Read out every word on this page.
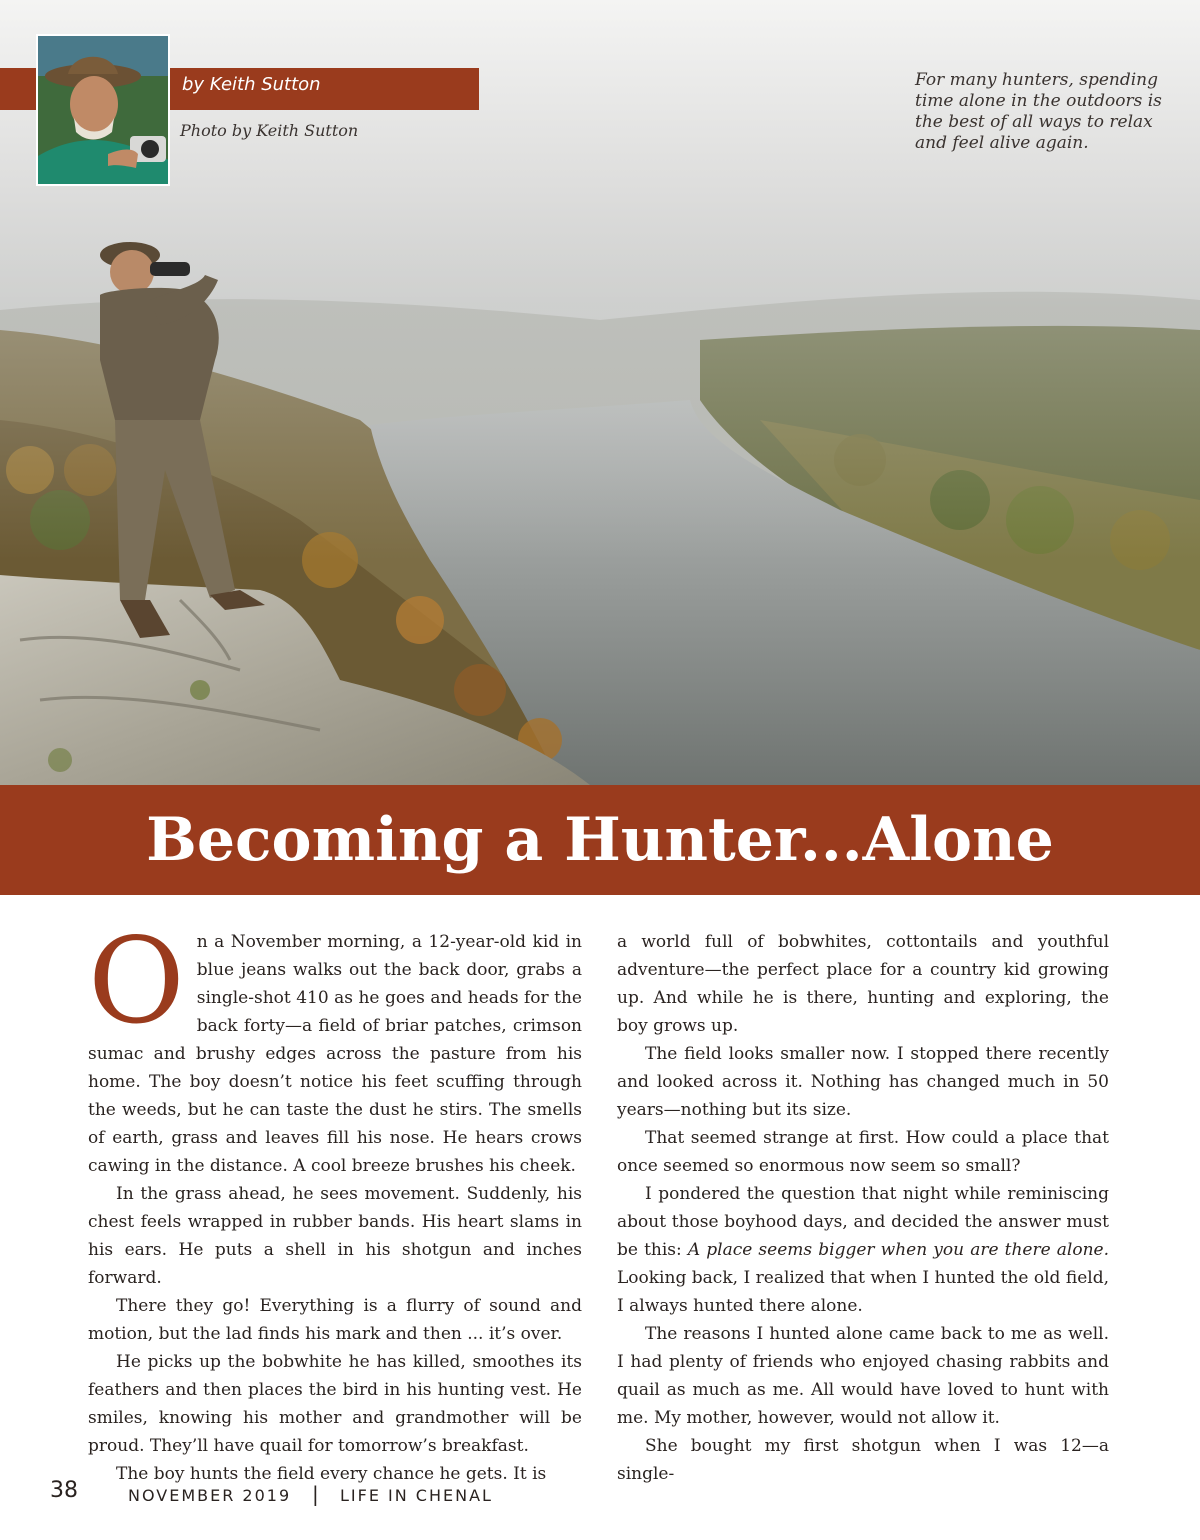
by Keith Sutton
Photo by Keith Sutton
For many hunters, spending time alone in the outdoors is the best of all ways to relax and feel alive again.
Becoming a Hunter...Alone

On a November morning, a 12-year-old kid in blue jeans walks out the back door, grabs a single-shot 410 as he goes and heads for the back forty—a field of briar patches, crimson sumac and brushy edges across the pasture from his home. The boy doesn’t notice his feet scuffing through the weeds, but he can taste the dust he stirs. The smells of earth, grass and leaves fill his nose. He hears crows cawing in the distance. A cool breeze brushes his cheek.

In the grass ahead, he sees movement. Suddenly, his chest feels wrapped in rubber bands. His heart slams in his ears. He puts a shell in his shotgun and inches forward.

There they go! Everything is a flurry of sound and motion, but the lad finds his mark and then ... it’s over.

He picks up the bobwhite he has killed, smoothes its feathers and then places the bird in his hunting vest. He smiles, knowing his mother and grandmother will be proud. They’ll have quail for tomorrow’s breakfast.

The boy hunts the field every chance he gets. It is

a world full of bobwhites, cottontails and youthful adventure—the perfect place for a country kid growing up. And while he is there, hunting and exploring, the boy grows up.

The field looks smaller now. I stopped there recently and looked across it. Nothing has changed much in 50 years—nothing but its size.

That seemed strange at first. How could a place that once seemed so enormous now seem so small?

I pondered the question that night while reminiscing about those boyhood days, and decided the answer must be this: A place seems bigger when you are there alone. Looking back, I realized that when I hunted the old field, I always hunted there alone.

The reasons I hunted alone came back to me as well. I had plenty of friends who enjoyed chasing rabbits and quail as much as me. All would have loved to hunt with me. My mother, however, would not allow it.

She bought my first shotgun when I was 12—a single-

38	NOVEMBER 2019 | LIFE IN CHENAL
